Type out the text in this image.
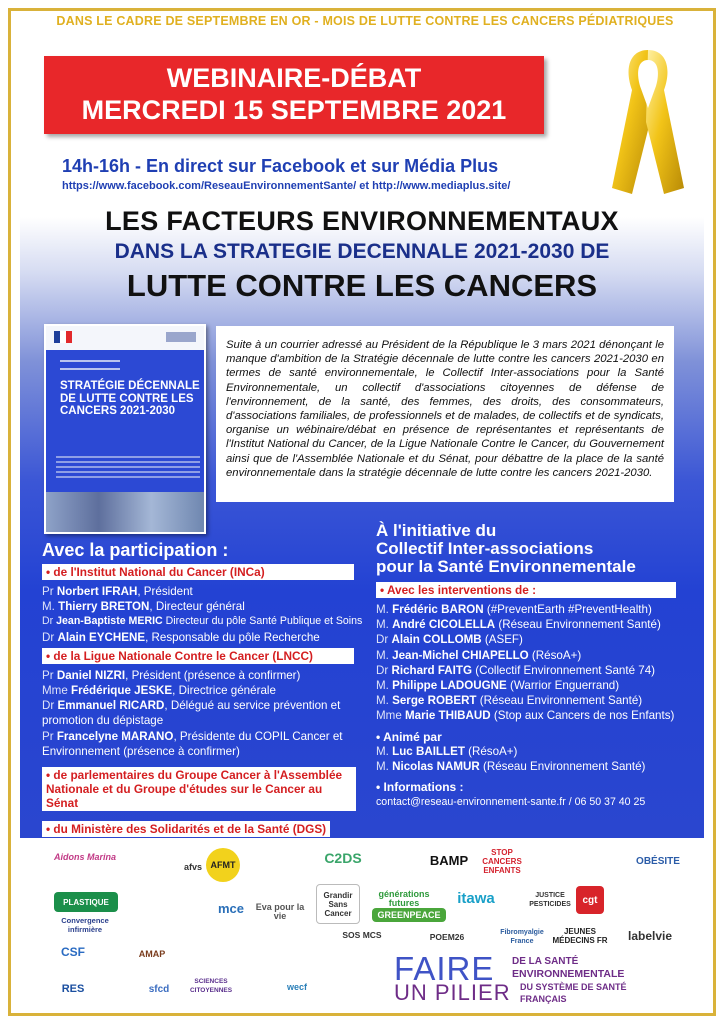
DANS LE CADRE DE SEPTEMBRE EN OR - MOIS DE LUTTE CONTRE LES CANCERS PÉDIATRIQUES
WEBINAIRE-DÉBAT
MERCREDI 15 SEPTEMBRE 2021
14h-16h - En direct sur Facebook et sur Média Plus
https://www.facebook.com/ReseauEnvironnementSante/ et http://www.mediaplus.site/
LES FACTEURS ENVIRONNEMENTAUX
DANS LA STRATEGIE DECENNALE 2021-2030 DE
LUTTE CONTRE LES CANCERS
STRATÉGIE DÉCENNALE DE LUTTE CONTRE LES CANCERS 2021-2030
Suite à un courrier adressé au Président de la République le 3 mars 2021 dénonçant le manque d'ambition de la Stratégie décennale de lutte contre les cancers 2021-2030 en termes de santé environnementale, le Collectif Inter-associations pour la Santé Environnementale, un collectif d'associations citoyennes de défense de l'environnement, de la santé, des femmes, des droits, des consommateurs, d'associations familiales, de professionnels et de malades, de collectifs et de syndicats, organise un wébinaire/débat en présence de représentantes et représentants de l'Institut National du Cancer, de la Ligue Nationale Contre le Cancer, du Gouvernement ainsi que de l'Assemblée Nationale et du Sénat, pour débattre de la place de la santé environnementale dans la stratégie décennale de lutte contre les cancers 2021-2030.
Avec la participation :
• de l'Institut National du Cancer (INCa)
Pr Norbert IFRAH, Président
M. Thierry BRETON, Directeur général
Dr Jean-Baptiste MERIC Directeur du pôle Santé Publique et Soins
Dr Alain EYCHENE, Responsable du pôle Recherche
• de la Ligue Nationale Contre le Cancer (LNCC)
Pr Daniel NIZRI, Président (présence à confirmer)
Mme Frédérique JESKE, Directrice générale
Dr Emmanuel RICARD, Délégué au service prévention et promotion du dépistage
Pr Francelyne MARANO, Présidente du COPIL Cancer et Environnement (présence à confirmer)
• de parlementaires du Groupe Cancer à l'Assemblée Nationale et du Groupe d'études sur le Cancer au Sénat
• du Ministère des Solidarités et de la Santé (DGS)
À l'initiative du
Collectif Inter-associations
pour la Santé Environnementale
• Avec les interventions de :
M. Frédéric BARON (#PreventEarth #PreventHealth)
M. André CICOLELLA (Réseau Environnement Santé)
Dr Alain COLLOMB (ASEF)
M. Jean-Michel CHIAPELLO (RésoA+)
Dr Richard FAITG (Collectif Environnement Santé 74)
M. Philippe LADOUGNE (Warrior Enguerrand)
M. Serge ROBERT (Réseau Environnement Santé)
Mme Marie THIBAUD (Stop aux Cancers de nos Enfants)
• Animé par
M. Luc BAILLET (RésoA+)
M. Nicolas NAMUR (Réseau Environnement Santé)
• Informations :
contact@reseau-environnement-sante.fr / 06 50 37 40 25
Aidons Marina
afvs AFMT	C2DS	BAMP
STOP CANCERS ENFANTS
OBÉSITE
PLASTIQUE
Convergence infirmière
mce	Eva pour la vie
Grandir Sans Cancer
générations futures	itawa	JUSTICE PESTICIDES	cgt
GREENPEACE
CSF	AMAP
SOS MCS	POEM26	JEUNES MÉDECINS FR	labelvie
Fibromyalgie France
RES	sfcd
SCIENCES CITOYENNES	wecf	FAIRE DE LA SANTÉ
ENVIRONNEMENTALE
UN PILIER DU SYSTÈME DE SANTÉ
FRANÇAIS
